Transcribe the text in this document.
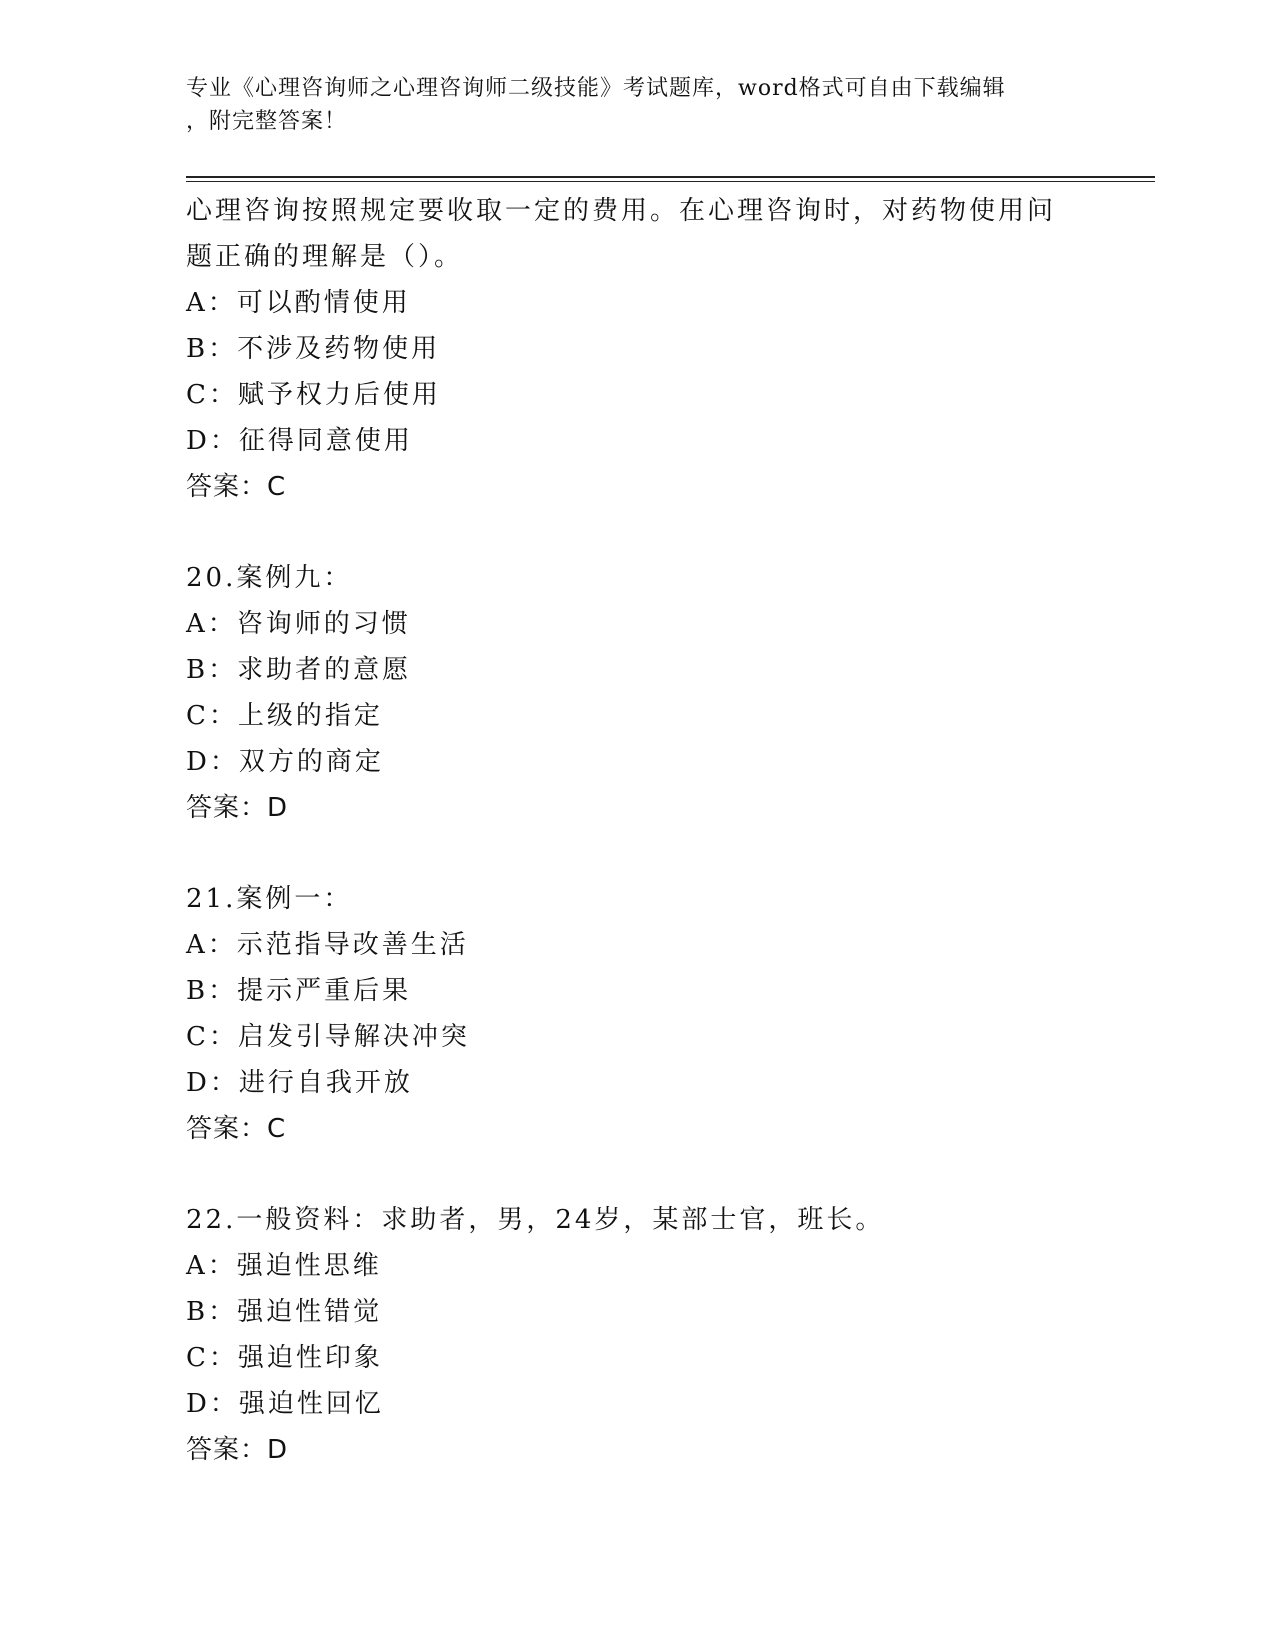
专业《心理咨询师之心理咨询师二级技能》考试题库，word格式可自由下载编辑
，附完整答案！
心理咨询按照规定要收取一定的费用。在心理咨询时，对药物使用问
题正确的理解是（）。
A：可以酌情使用
B：不涉及药物使用
C：赋予权力后使用
D：征得同意使用
答案：C
20.案例九：
A：咨询师的习惯
B：求助者的意愿
C：上级的指定
D：双方的商定
答案：D
21.案例一：
A：示范指导改善生活
B：提示严重后果
C：启发引导解决冲突
D：进行自我开放
答案：C
22.一般资料：求助者，男，24岁，某部士官，班长。
A：强迫性思维
B：强迫性错觉
C：强迫性印象
D：强迫性回忆
答案：D
